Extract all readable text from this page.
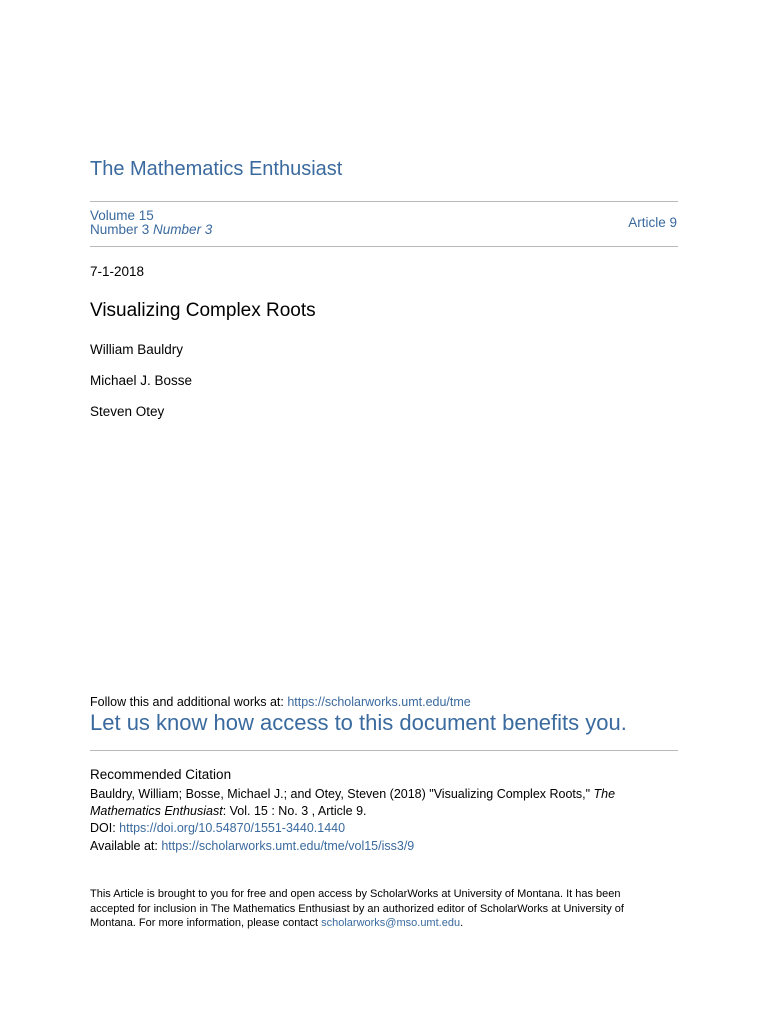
The Mathematics Enthusiast
Volume 15
Number 3 Number 3	Article 9
7-1-2018
Visualizing Complex Roots
William Bauldry
Michael J. Bosse
Steven Otey
Follow this and additional works at: https://scholarworks.umt.edu/tme
Let us know how access to this document benefits you.
Recommended Citation
Bauldry, William; Bosse, Michael J.; and Otey, Steven (2018) "Visualizing Complex Roots," The Mathematics Enthusiast: Vol. 15 : No. 3 , Article 9.
DOI: https://doi.org/10.54870/1551-3440.1440
Available at: https://scholarworks.umt.edu/tme/vol15/iss3/9
This Article is brought to you for free and open access by ScholarWorks at University of Montana. It has been accepted for inclusion in The Mathematics Enthusiast by an authorized editor of ScholarWorks at University of Montana. For more information, please contact scholarworks@mso.umt.edu.
